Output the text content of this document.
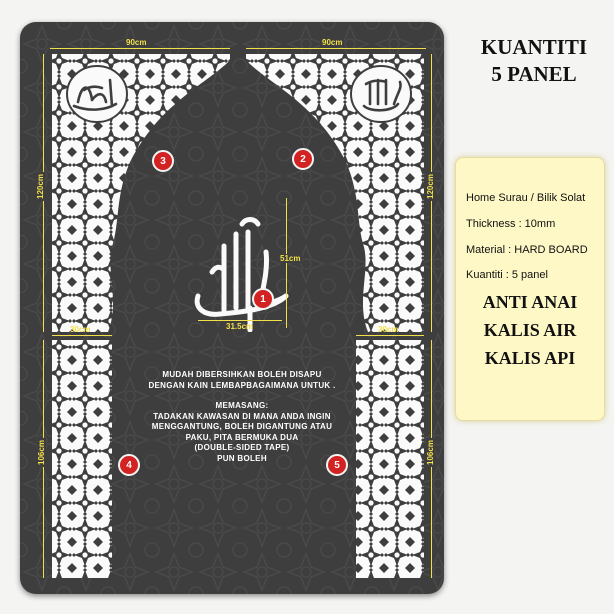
90cm	90cm
120cm	120cm
51cm
31.5cm
30cm	30cm
106cm	106cm
1
2
3
4	5
MUDAH DIBERSIHKAN BOLEH DISAPU
DENGAN KAIN LEMBAPBAGAIMANA UNTUK .
MEMASANG:
TADAKAN KAWASAN DI MANA ANDA INGIN
MENGGANTUNG, BOLEH DIGANTUNG ATAU
PAKU, PITA BERMUKA DUA
(DOUBLE-SIDED TAPE)
PUN BOLEH
KUANTITI
5 PANEL
Home Surau / Bilik Solat
Thickness : 10mm
Material : HARD BOARD
Kuantiti : 5 panel
ANTI ANAI
KALIS AIR
KALIS API
